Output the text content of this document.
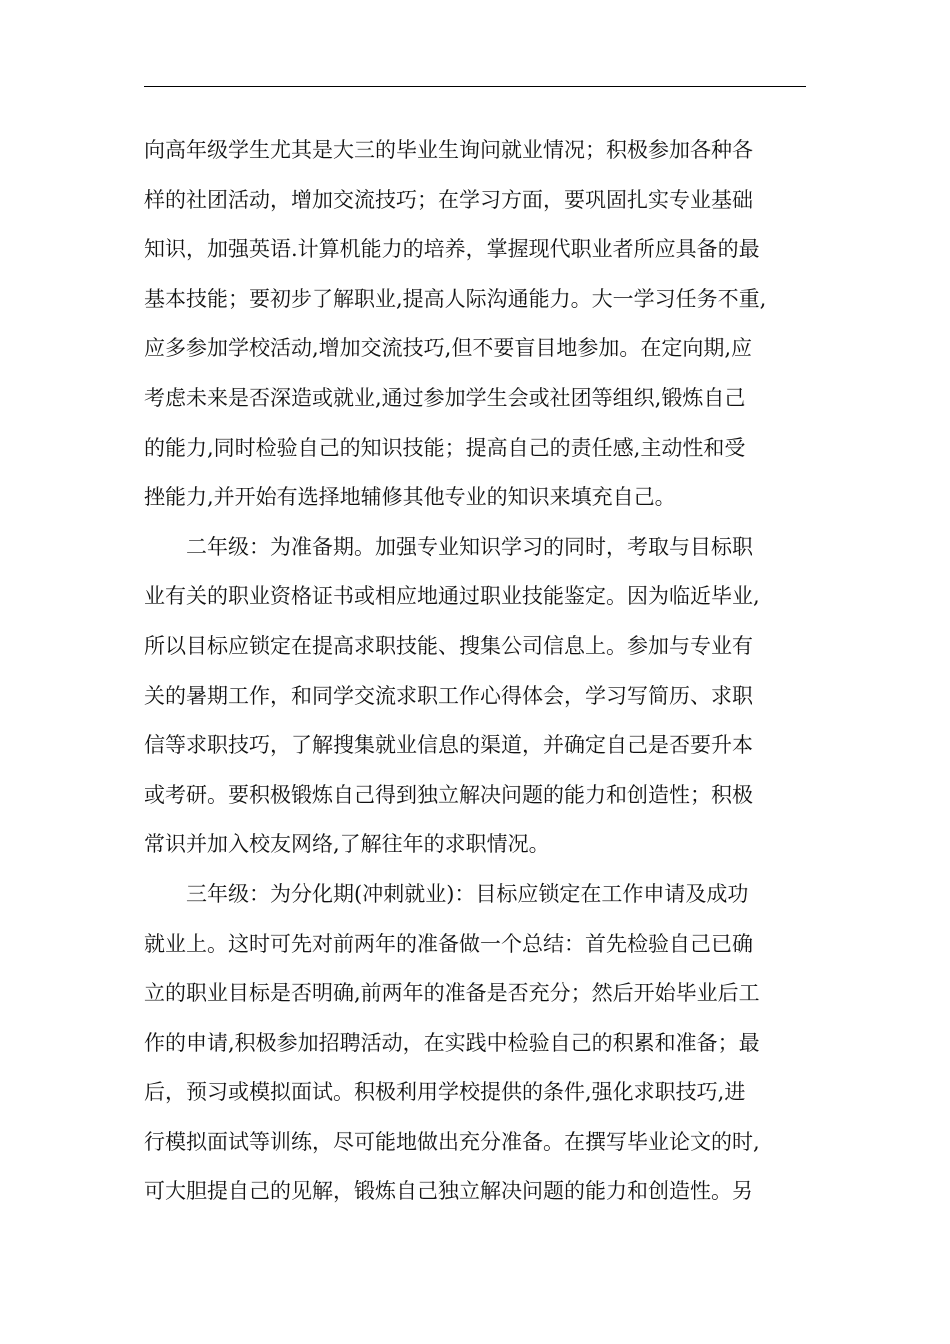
向高年级学生尤其是大三的毕业生询问就业情况；积极参加各种各
样的社团活动，增加交流技巧；在学习方面，要巩固扎实专业基础
知识，加强英语.计算机能力的培养，掌握现代职业者所应具备的最
基本技能；要初步了解职业,提高人际沟通能力。大一学习任务不重,
应多参加学校活动,增加交流技巧,但不要盲目地参加。在定向期,应
考虑未来是否深造或就业,通过参加学生会或社团等组织,锻炼自己
的能力,同时检验自己的知识技能；提高自己的责任感,主动性和受
挫能力,并开始有选择地辅修其他专业的知识来填充自己。
二年级：为准备期。加强专业知识学习的同时，考取与目标职
业有关的职业资格证书或相应地通过职业技能鉴定。因为临近毕业,
所以目标应锁定在提高求职技能、搜集公司信息上。参加与专业有
关的暑期工作，和同学交流求职工作心得体会，学习写简历、求职
信等求职技巧，了解搜集就业信息的渠道，并确定自己是否要升本
或考研。要积极锻炼自己得到独立解决问题的能力和创造性；积极
常识并加入校友网络,了解往年的求职情况。
三年级：为分化期(冲刺就业)：目标应锁定在工作申请及成功
就业上。这时可先对前两年的准备做一个总结：首先检验自己已确
立的职业目标是否明确,前两年的准备是否充分；然后开始毕业后工
作的申请,积极参加招聘活动，在实践中检验自己的积累和准备；最
后，预习或模拟面试。积极利用学校提供的条件,强化求职技巧,进
行模拟面试等训练，尽可能地做出充分准备。在撰写毕业论文的时,
可大胆提自己的见解，锻炼自己独立解决问题的能力和创造性。另
